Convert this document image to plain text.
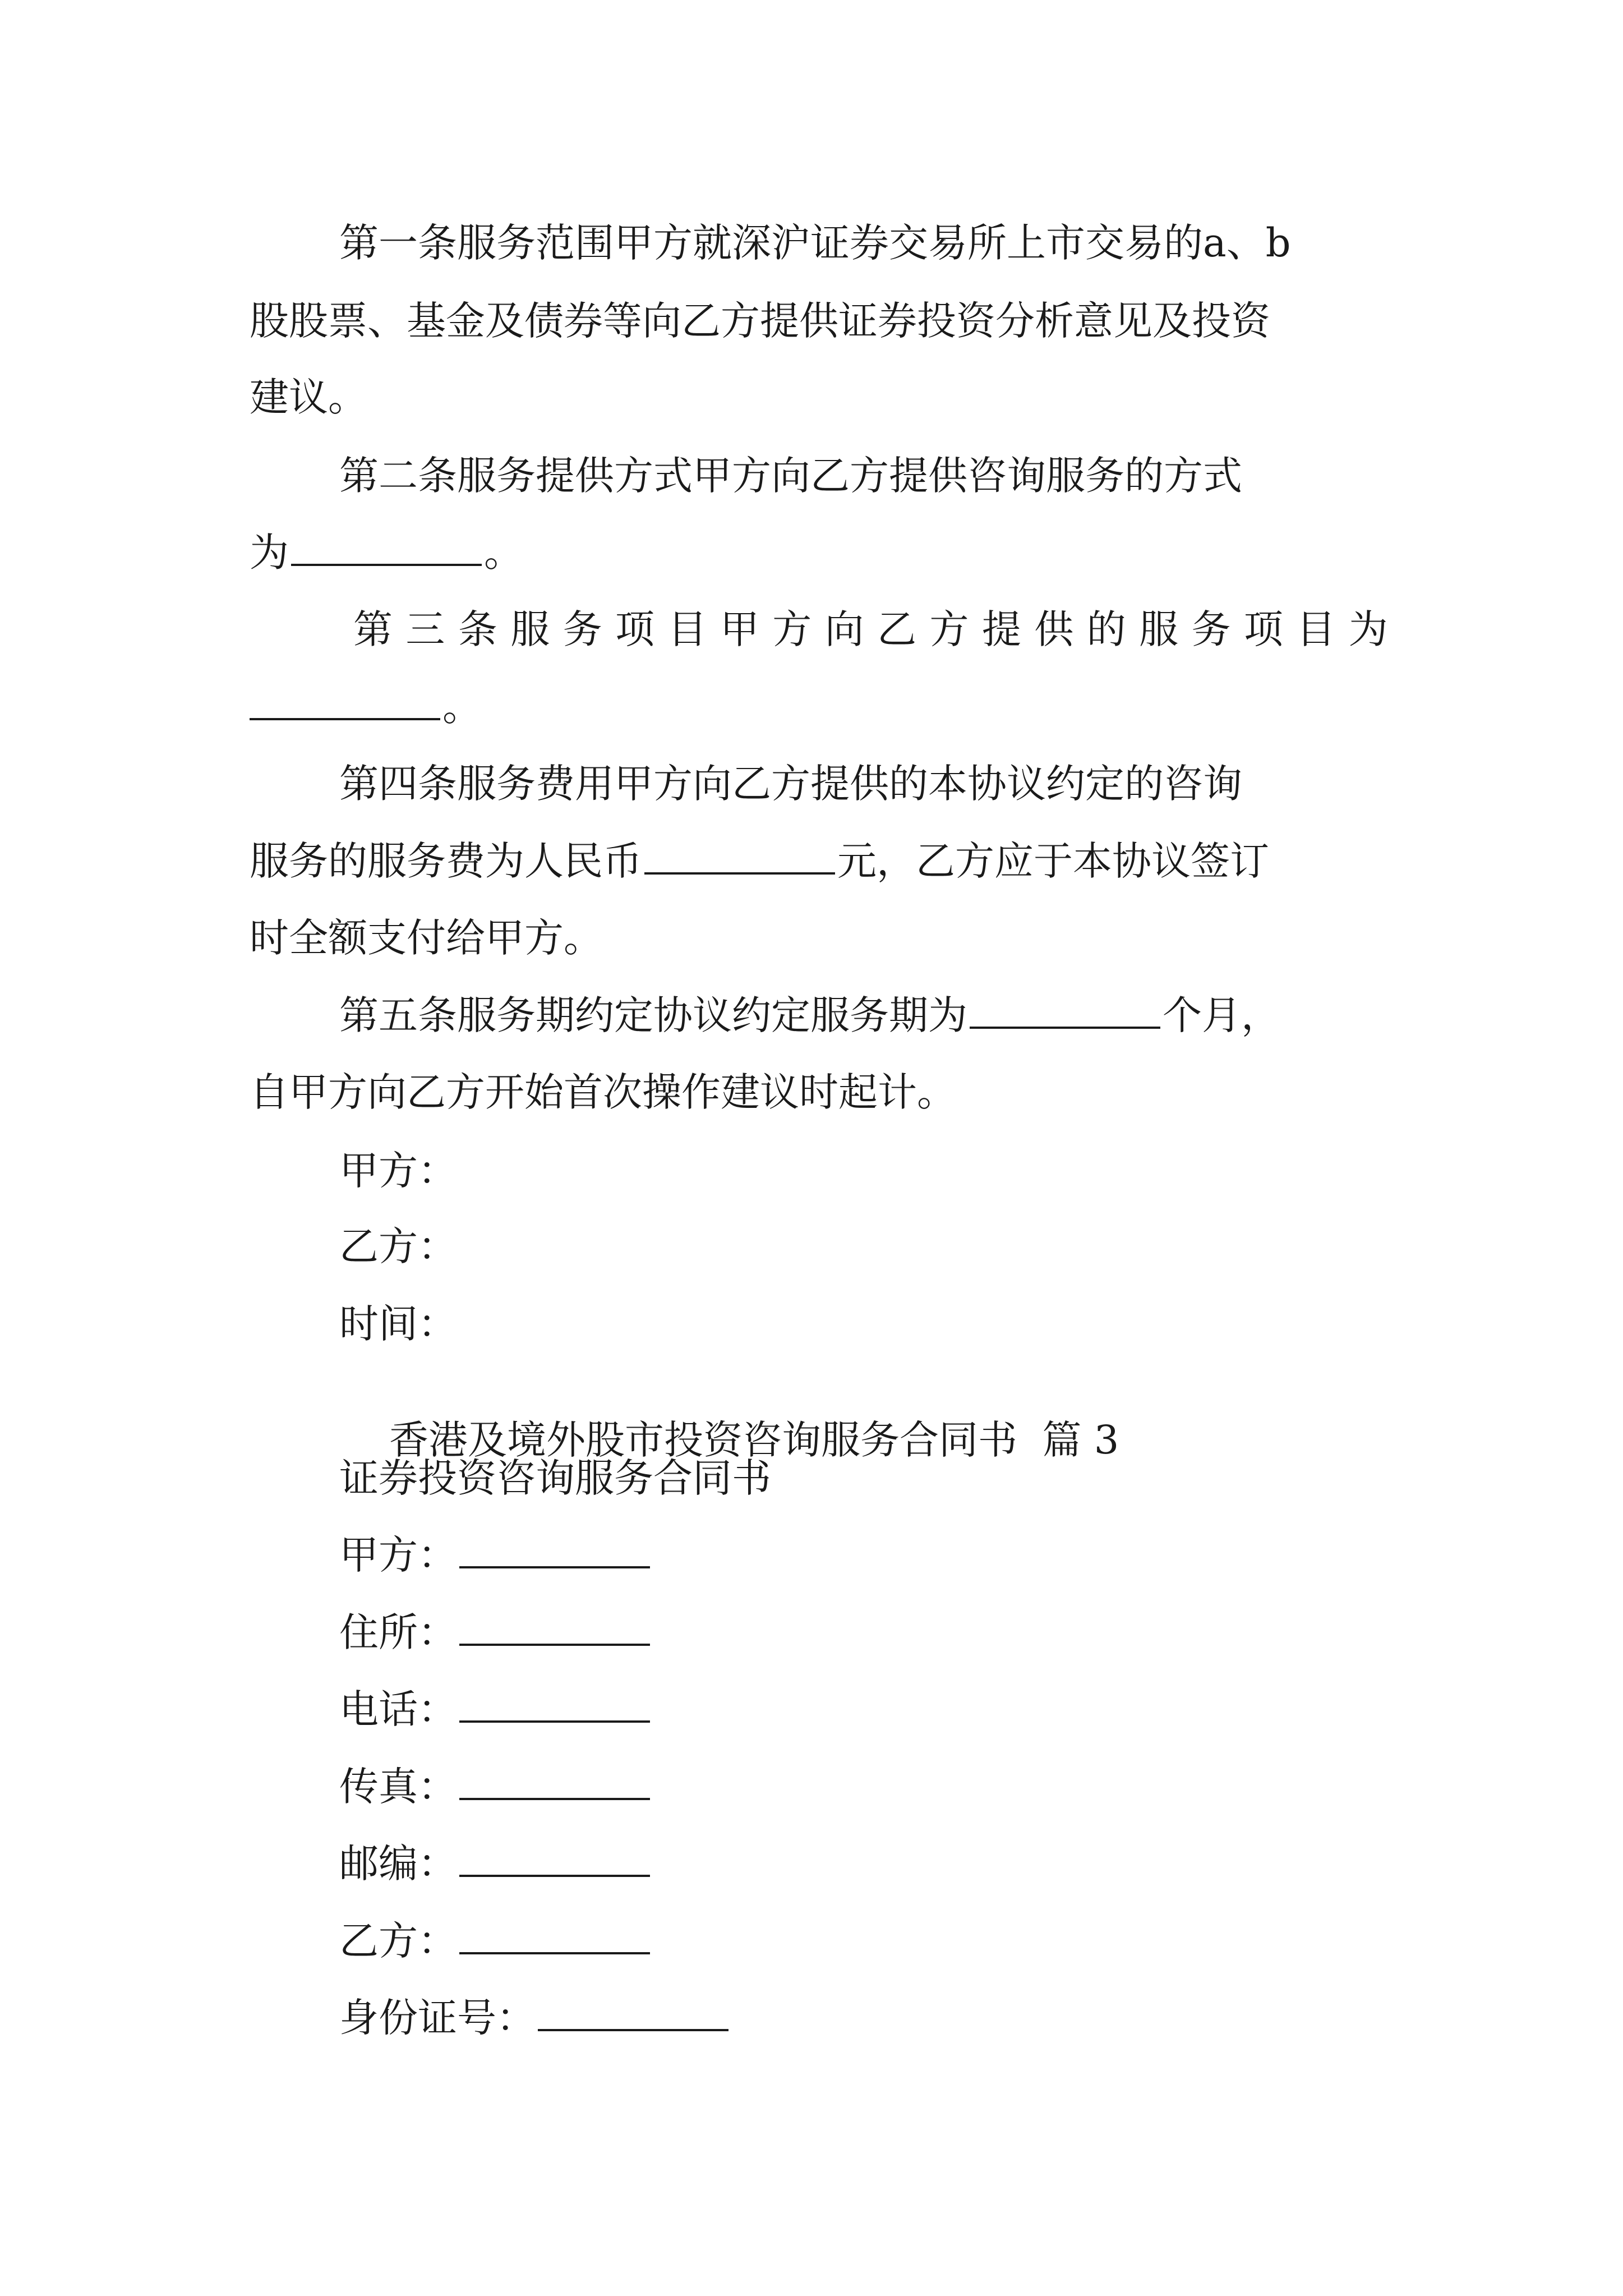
第一条服务范围甲方就深沪证券交易所上市交易的a、b
股股票、基金及债券等向乙方提供证券投资分析意见及投资
建议。
第二条服务提供方式甲方向乙方提供咨询服务的方式
为	。
第 三 条 服 务 项 目 甲 方 向 乙 方 提 供 的 服 务 项 目 为
。
第四条服务费用甲方向乙方提供的本协议约定的咨询
服务的服务费为人民币	元，乙方应于本协议签订
时全额支付给甲方。
第五条服务期约定协议约定服务期为	个月，
自甲方向乙方开始首次操作建议时起计。
甲方：
乙方：
时间：

香港及境外股市投资咨询服务合同书  篇 3

证券投资咨询服务合同书
甲方：
住所：
电话：
传真：
邮编：
乙方：
身份证号：
